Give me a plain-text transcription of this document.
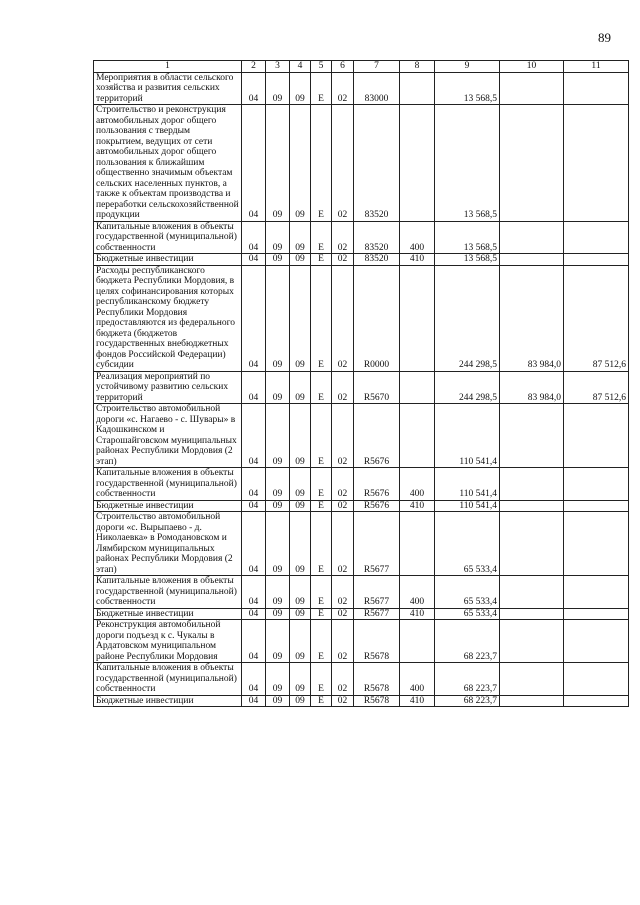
89
1	2	3	4	5	6	7	8	9	10	11
Мероприятия в области сельского хозяйства и развития сельских территорий	04	09	09	Е	02	83000		13 568,5		
Строительство и реконструкция автомобильных дорог общего пользования с твердым покрытием, ведущих от сети автомобильных дорог общего пользования к ближайшим общественно значимым объектам сельских населенных пунктов, а также к объектам производства и переработки сельскохозяйственной продукции	04	09	09	Е	02	83520		13 568,5		
Капитальные вложения в объекты государственной (муниципальной) собственности	04	09	09	Е	02	83520	400	13 568,5		
Бюджетные инвестиции	04	09	09	Е	02	83520	410	13 568,5		
Расходы республиканского бюджета Республики Мордовия, в целях софинансирования которых республиканскому бюджету Республики Мордовия предоставляются из федерального бюджета (бюджетов государственных внебюджетных фондов Российской Федерации) субсидии	04	09	09	Е	02	R0000		244 298,5	83 984,0	87 512,6
Реализация мероприятий по устойчивому развитию сельских территорий	04	09	09	Е	02	R5670		244 298,5	83 984,0	87 512,6
Строительство автомобильной дороги «с. Нагаево - с. Шувары» в Кадошкинском и Старошайговском муниципальных районах Республики Мордовия (2 этап)	04	09	09	Е	02	R5676		110 541,4		
Капитальные вложения в объекты государственной (муниципальной) собственности	04	09	09	Е	02	R5676	400	110 541,4		
Бюджетные инвестиции	04	09	09	Е	02	R5676	410	110 541,4		
Строительство автомобильной дороги «с. Вырыпаево - д. Николаевка» в Ромодановском и Лямбирском муниципальных районах Республики Мордовия (2 этап)	04	09	09	Е	02	R5677		65 533,4		
Капитальные вложения в объекты государственной (муниципальной) собственности	04	09	09	Е	02	R5677	400	65 533,4		
Бюджетные инвестиции	04	09	09	Е	02	R5677	410	65 533,4		
Реконструкция автомобильной дороги подъезд к с. Чукалы в Ардатовском муниципальном районе Республики Мордовия	04	09	09	Е	02	R5678		68 223,7		
Капитальные вложения в объекты государственной (муниципальной) собственности	04	09	09	Е	02	R5678	400	68 223,7		
Бюджетные инвестиции	04	09	09	Е	02	R5678	410	68 223,7		
